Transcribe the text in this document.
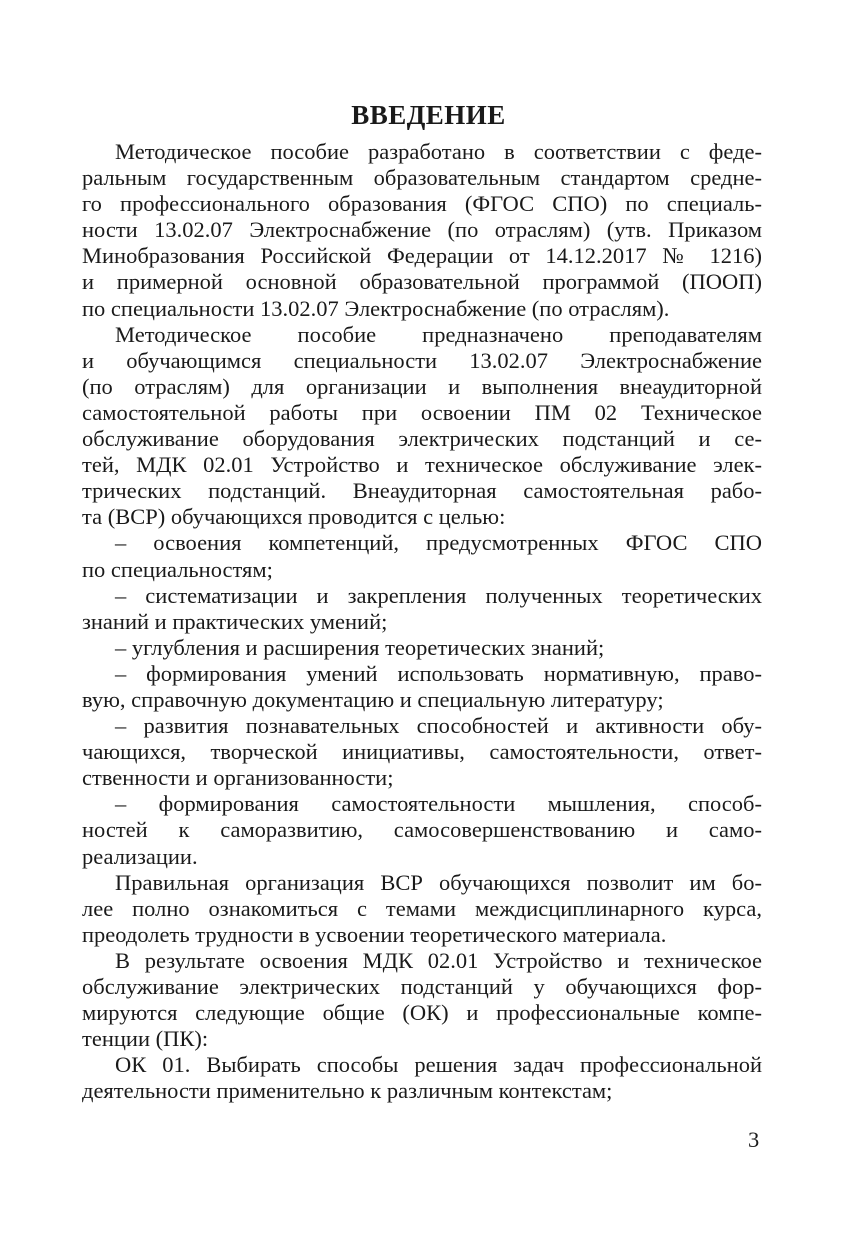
ВВЕДЕНИЕ
Методическое пособие разработано в соответствии с феде-
ральным государственным образовательным стандартом средне-
го профессионального образования (ФГОС СПО) по специаль-
ности 13.02.07 Электроснабжение (по отраслям) (утв. Приказом
Минобразования Российской Федерации от 14.12.2017 № 1216)
и примерной основной образовательной программой (ПООП)
по специальности 13.02.07 Электроснабжение (по отраслям).
Методическое пособие предназначено преподавателям
и обучающимся специальности 13.02.07 Электроснабжение
(по отраслям) для организации и выполнения внеаудиторной
самостоятельной работы при освоении ПМ 02 Техническое
обслуживание оборудования электрических подстанций и се-
тей, МДК 02.01 Устройство и техническое обслуживание элек-
трических подстанций. Внеаудиторная самостоятельная рабо-
та (ВСР) обучающихся проводится с целью:
– освоения компетенций, предусмотренных ФГОС СПО
по специальностям;
– систематизации и закрепления полученных теоретических
знаний и практических умений;
– углубления и расширения теоретических знаний;
– формирования умений использовать нормативную, право-
вую, справочную документацию и специальную литературу;
– развития познавательных способностей и активности обу-
чающихся, творческой инициативы, самостоятельности, ответ-
ственности и организованности;
– формирования самостоятельности мышления, способ-
ностей к саморазвитию, самосовершенствованию и само-
реализации.
Правильная организация ВСР обучающихся позволит им бо-
лее полно ознакомиться с темами междисциплинарного курса,
преодолеть трудности в усвоении теоретического материала.
В результате освоения МДК 02.01 Устройство и техническое
обслуживание электрических подстанций у обучающихся фор-
мируются следующие общие (ОК) и профессиональные компе-
тенции (ПК):
ОК 01. Выбирать способы решения задач профессиональной
деятельности применительно к различным контекстам;
3
